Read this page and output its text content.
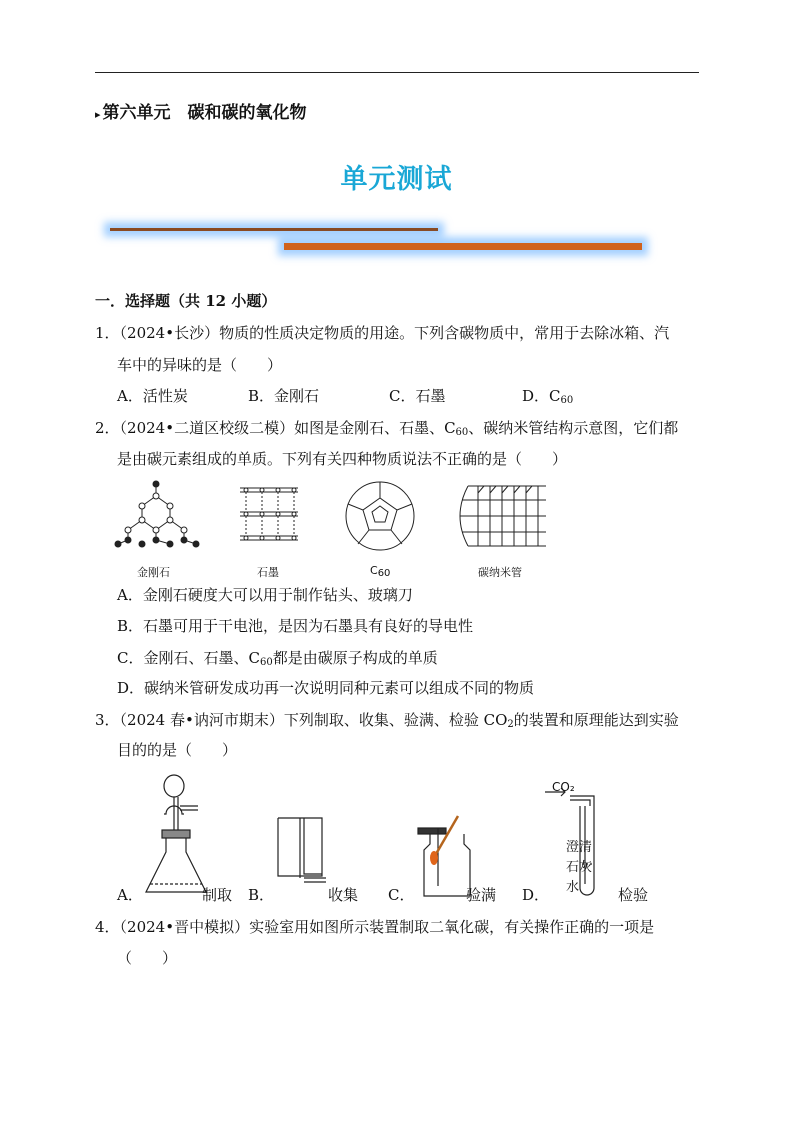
▸ 第六单元　碳和碳的氧化物
单元测试
一．选择题（共 12 小题）
1．（2024•长沙）物质的性质决定物质的用途。下列含碳物质中，常用于去除冰箱、汽
车中的异味的是（　　）
A．活性炭	B．金刚石	C．石墨	D．$C_{60}$
2．（2024•二道区校级二模）如图是金刚石、石墨、$C_{60}$、碳纳米管结构示意图，它们都
是由碳元素组成的单质。下列有关四种物质说法不正确的是（　　）
金刚石	石墨	$C_{60}$	碳纳米管
A．金刚石硬度大可以用于制作钻头、玻璃刀
B．石墨可用于干电池，是因为石墨具有良好的导电性
C．金刚石、石墨、$C_{60}$都是由碳原子构成的单质
D．碳纳米管研发成功再一次说明同种元素可以组成不同的物质
3．（2024 春•讷河市期末）下列制取、收集、验满、检验 $CO_2$的装置和原理能达到实验
目的的是（　　）
CO₂
澄清
石灰
水
A．	制取 B．	收集 C．	验满 D．	检验
4．（2024•晋中模拟）实验室用如图所示装置制取二氧化碳，有关操作正确的一项是
（　　）
